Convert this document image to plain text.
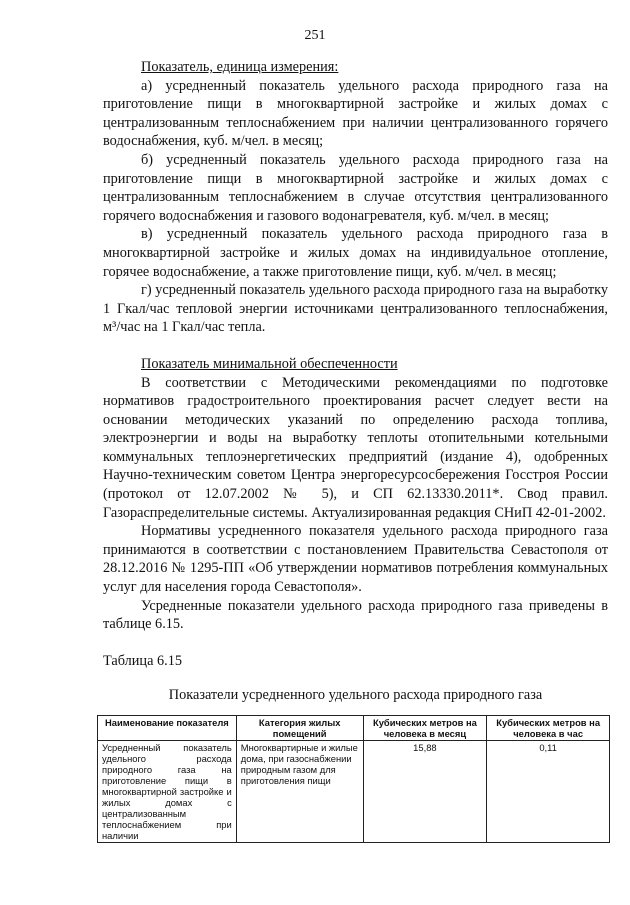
251
Показатель, единица измерения:

а) усредненный показатель удельного расхода природного газа на приготовление пищи в многоквартирной застройке и жилых домах с централизованным теплоснабжением при наличии централизованного горячего водоснабжения, куб. м/чел. в месяц;

б) усредненный показатель удельного расхода природного газа на приготовление пищи в многоквартирной застройке и жилых домах с централизованным теплоснабжением в случае отсутствия централизованного горячего водоснабжения и газового водонагревателя, куб. м/чел. в месяц;

в) усредненный показатель удельного расхода природного газа в многоквартирной застройке и жилых домах на индивидуальное отопление, горячее водоснабжение, а также приготовление пищи, куб. м/чел. в месяц;

г) усредненный показатель удельного расхода природного газа на выработку 1 Гкал/час тепловой энергии источниками централизованного теплоснабжения, м³/час на 1 Гкал/час тепла.

Показатель минимальной обеспеченности

В соответствии с Методическими рекомендациями по подготовке нормативов градостроительного проектирования расчет следует вести на основании методических указаний по определению расхода топлива, электроэнергии и воды на выработку теплоты отопительными котельными коммунальных теплоэнергетических предприятий (издание 4), одобренных Научно-техническим советом Центра энергоресурсосбережения Госстроя России (протокол от 12.07.2002 № 5), и СП 62.13330.2011*. Свод правил. Газораспределительные системы. Актуализированная редакция СНиП 42-01-2002.

Нормативы усредненного показателя удельного расхода природного газа принимаются в соответствии с постановлением Правительства Севастополя от 28.12.2016 № 1295-ПП «Об утверждении нормативов потребления коммунальных услуг для населения города Севастополя».

Усредненные показатели удельного расхода природного газа приведены в таблице 6.15.

Таблица 6.15
Показатели усредненного удельного расхода природного газа
Наименование показателя	Категория жилых помещений	Кубических метров на человека в месяц	Кубических метров на человека в час
Усредненный показатель удельного расхода природного газа на приготовление пищи в многоквартирной застройке и жилых домах с централизованным теплоснабжением при наличии	Многоквартирные и жилые дома, при газоснабжении природным газом для приготовления пищи	15,88	0,11
